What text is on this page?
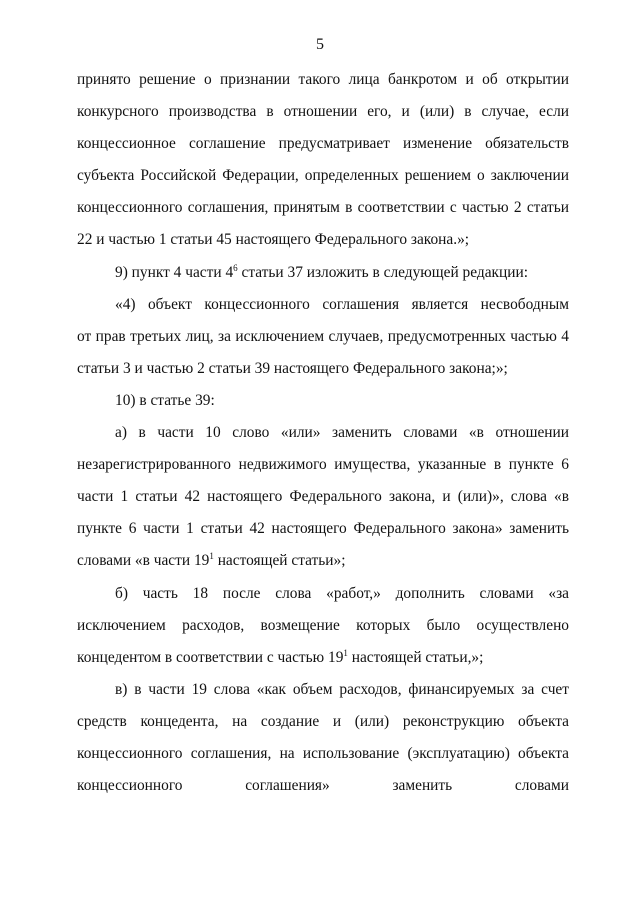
5
принято решение о признании такого лица банкротом и об открытии
конкурсного производства в отношении его, и (или) в случае, если
концессионное соглашение предусматривает изменение обязательств
субъекта Российской Федерации, определенных решением о заключении
концессионного соглашения, принятым в соответствии с частью 2 статьи
22 и частью 1 статьи 45 настоящего Федерального закона.»;
9) пункт 4 части $4^6$ статьи 37 изложить в следующей редакции:
«4) объект концессионного соглашения является несвободным
от прав третьих лиц, за исключением случаев, предусмотренных частью 4
статьи 3 и частью 2 статьи 39 настоящего Федерального закона;»;
10) в статье 39:
а) в части 10 слово «или» заменить словами «в отношении
незарегистрированного недвижимого имущества, указанные в пункте 6
части 1 статьи 42 настоящего Федерального закона, и (или)», слова «в
пункте 6 части 1 статьи 42 настоящего Федерального закона» заменить
словами «в части $19^1$ настоящей статьи»;
б) часть 18 после слова «работ,» дополнить словами «за
исключением расходов, возмещение которых было осуществлено
концедентом в соответствии с частью $19^1$ настоящей статьи,»;
в) в части 19 слова «как объем расходов, финансируемых за счет
средств концедента, на создание и (или) реконструкцию объекта
концессионного соглашения, на использование (эксплуатацию) объекта
концессионного соглашения» заменить словами
